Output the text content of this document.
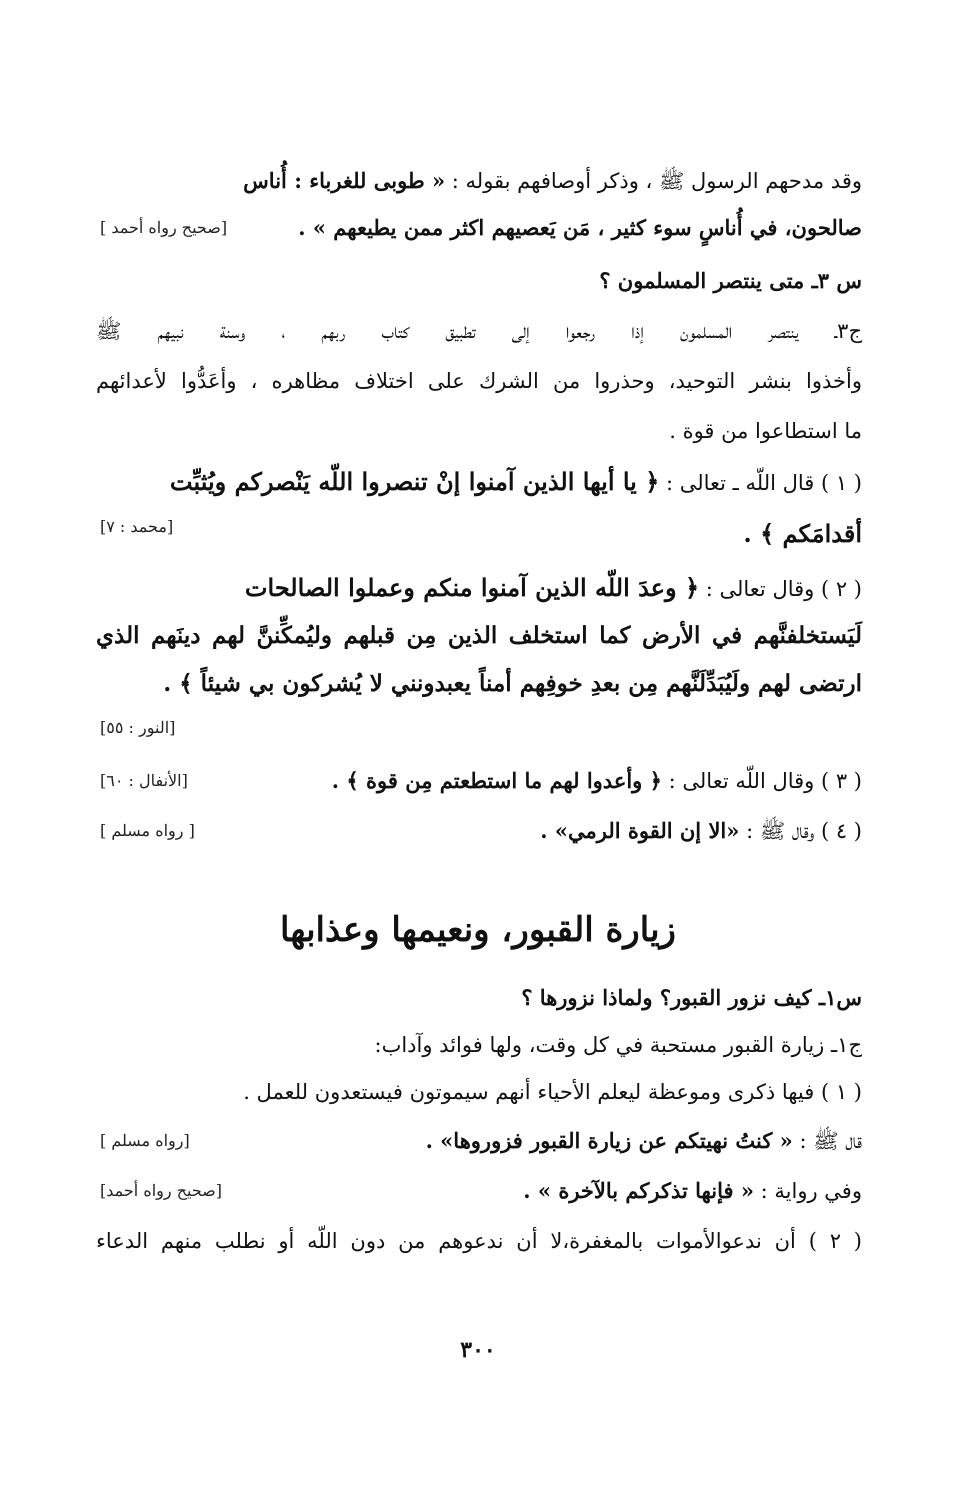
وقد مدحهم الرسول ﷺ ، وذكر أوصافهم بقوله : « طوبى للغرباء : أُناس
صالحون، في أُناسٍ سوء كثير ، مَن يَعصيهم اكثر ممن يطيعهم » .
[صحيح رواه أحمد ]
س ٣ـ متى ينتصر المسلمون ؟
ج٣ـ ينتصر المسلمون إذا رجعوا إلى تطبيق كتاب ربهم ، وسنة نبيهم ﷺ
وأخذوا بنشر التوحيد، وحذروا من الشرك على اختلاف مظاهره ، وأعَدُّوا لأعدائهم
ما استطاعوا من قوة .
( ١ ) قال اللّه ـ تعالى : ﴿ يا أيها الذين آمنوا إنْ تنصروا اللّه يَنْصركم ويُثبِّت
أقدامَكم ﴾ .
[محمد : ٧]
( ٢ ) وقال تعالى : ﴿ وعدَ اللّه الذين آمنوا منكم وعملوا الصالحات
لَيَستخلفنَّهم في الأرض كما استخلف الذين مِن قبلهم وليُمكِّننَّ لهم دينَهم الذي
ارتضى لهم ولَيُبَدِّلَنَّهم مِن بعدِ خوفِهم أمناً يعبدونني لا يُشركون بي شيئاً ﴾ .
[النور : ٥٥]
( ٣ ) وقال اللّه تعالى : ﴿ وأعدوا لهم ما استطعتم مِن قوة ﴾ .
[الأنفال : ٦٠]
( ٤ ) وقال ﷺ : «الا إن القوة الرمي» .
[ رواه مسلم ]
زيارة القبور، ونعيمها وعذابها
س١ـ كيف نزور القبور؟ ولماذا نزورها ؟
ج١ـ زيارة القبور مستحبة في كل وقت، ولها فوائد وآداب:
( ١ ) فيها ذكرى وموعظة ليعلم الأحياء أنهم سيموتون فيستعدون للعمل .
قال ﷺ : « كنتُ نهيتكم عن زيارة القبور فزوروها» .
[رواه مسلم ]
وفي رواية : « فإنها تذكركم بالآخرة » .
[صحيح رواه أحمد]
( ٢ ) أن ندعوالأموات بالمغفرة،لا أن ندعوهم من دون اللّه أو نطلب منهم الدعاء
٣٠٠
